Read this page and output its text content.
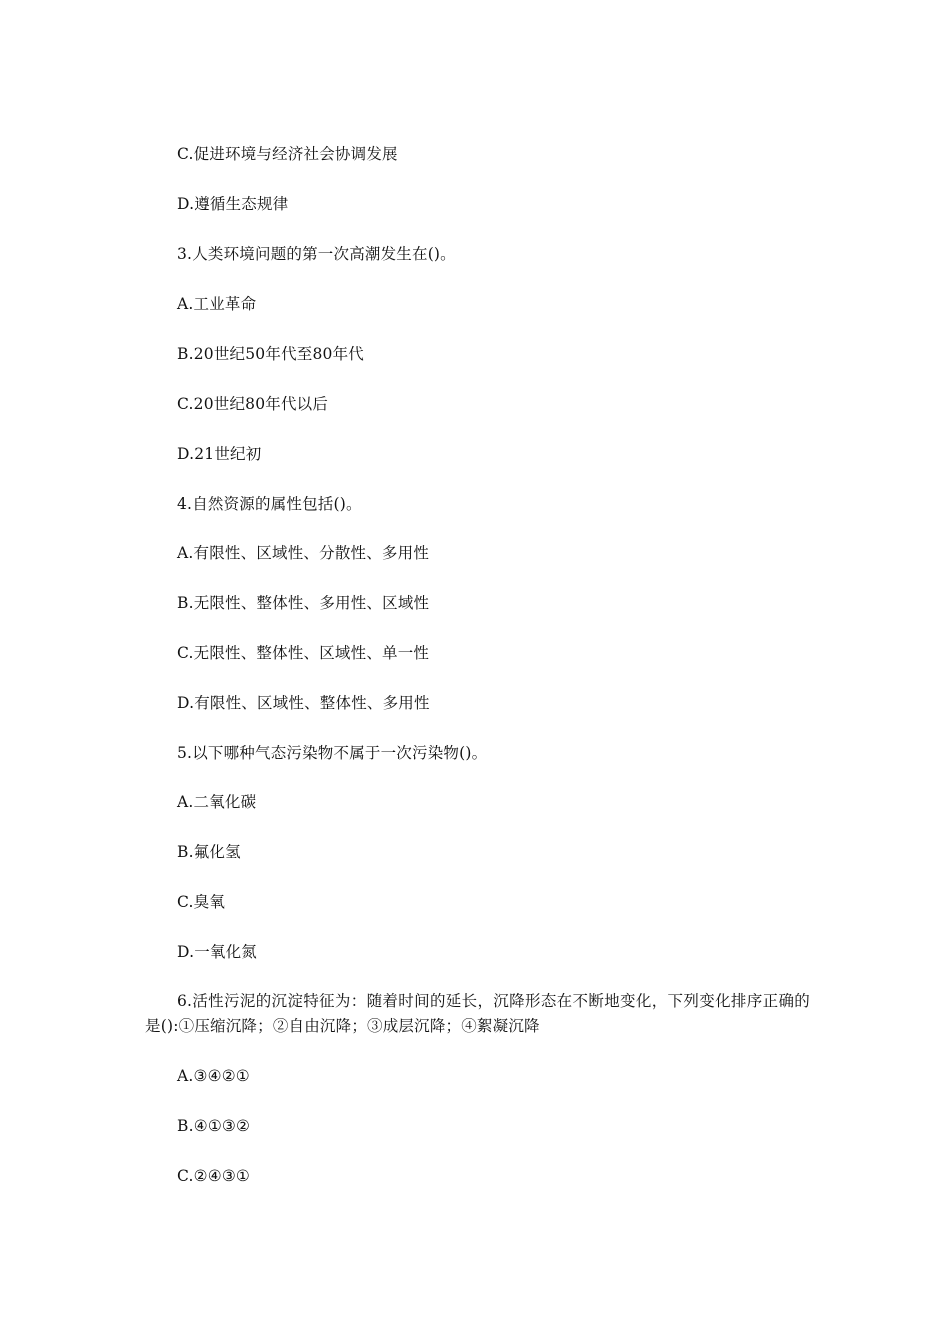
C.促进环境与经济社会协调发展
D.遵循生态规律
3.人类环境问题的第一次高潮发生在()。
A.工业革命
B.20世纪50年代至80年代
C.20世纪80年代以后
D.21世纪初
4.自然资源的属性包括()。
A.有限性、区域性、分散性、多用性
B.无限性、整体性、多用性、区域性
C.无限性、整体性、区域性、单一性
D.有限性、区域性、整体性、多用性
5.以下哪种气态污染物不属于一次污染物()。
A.二氧化碳
B.氟化氢
C.臭氧
D.一氧化氮
6.活性污泥的沉淀特征为：随着时间的延长，沉降形态在不断地变化，下列变化排序正确的是():①压缩沉降；②自由沉降；③成层沉降；④絮凝沉降
A.③④②①
B.④①③②
C.②④③①
